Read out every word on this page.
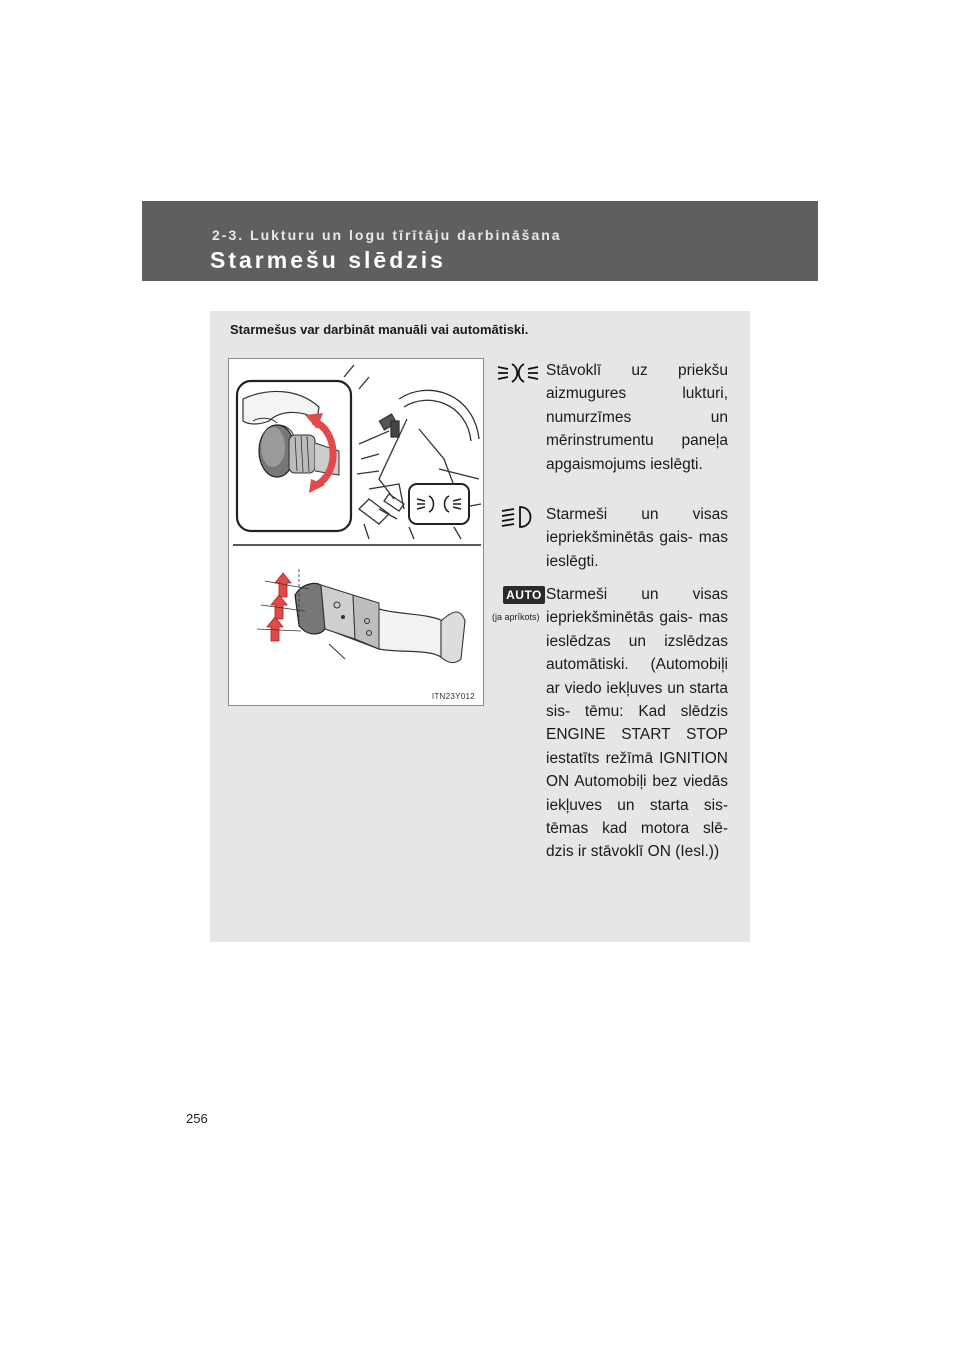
2-3. Lukturu un logu tīrītāju darbināšana
Starmešu slēdzis
Starmešus var darbināt manuāli vai automātiski.
ITN23Y012
Stāvoklī uz priekšu aizmugures lukturi, numurzīmes un mērinstrumentu paneļa apgaismojums ieslēgti.
Starmeši un visas iepriekšminētās gais- mas ieslēgti.
AUTO
(ja aprīkots)
Starmeši un visas iepriekšminētās gais- mas ieslēdzas un izslēdzas automātiski. (Automobiļi ar viedo iekļuves un starta sis- tēmu: Kad slēdzis ENGINE START STOP iestatīts režīmā IGNITION ON Automobiļi bez viedās iekļuves un starta sis- tēmas kad motora slē- dzis ir stāvoklī ON (Iesl.))
256
